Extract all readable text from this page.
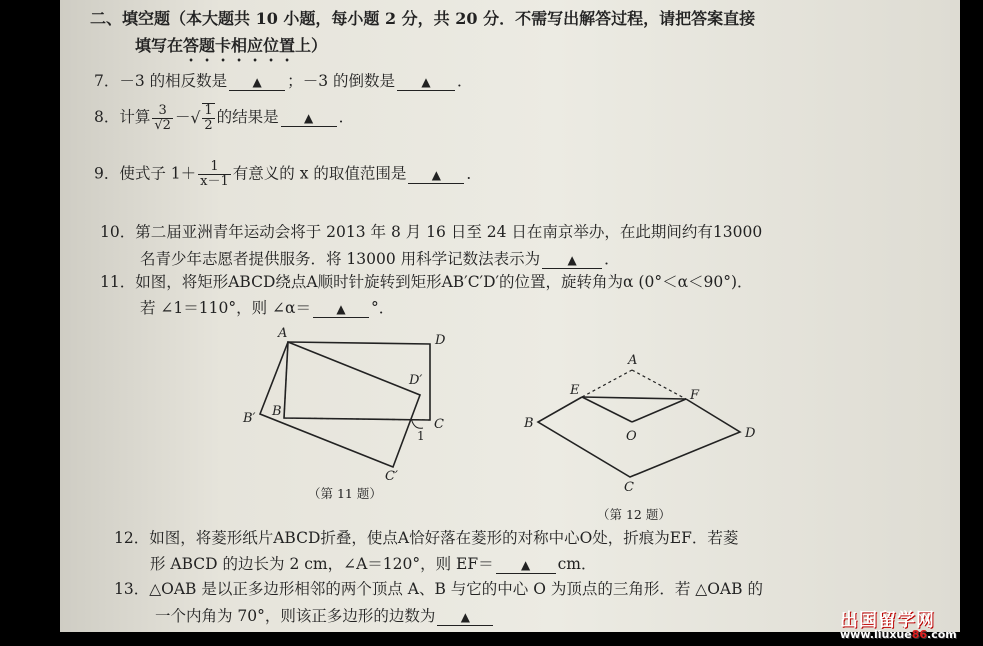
二、填空题（本大题共 10 小题，每小题 2 分，共 20 分．不需写出解答过程，请把答案直接
填写在答题卡相应位置上）
7．－3 的相反数是 ▲ ；－3 的倒数是 ▲ ．
8．计算 $\frac{3}{√2}$ －√ $\frac{1}{2}$ 的结果是 ▲ ．
9．使式子 $1+ \frac{1}{x-1}$ 有意义的 x 的取值范围是 ▲ ．
10．第二届亚洲青年运动会将于 2013 年 8 月 16 日至 24 日在南京举办，在此期间约有13000
名青少年志愿者提供服务．将 13000 用科学记数法表示为 ▲ ．
11．如图，将矩形ABCD绕点A顺时针旋转到矩形AB′C′D′的位置，旋转角为α (0°＜α＜90°)．
若 ∠1＝110°，则 ∠α＝ ▲ °．
A	D
D′
B
B′	C
1
C′
（第 11 题）
A
E	F
B
O	D
C
（第 12 题）
12．如图，将菱形纸片ABCD折叠，使点A恰好落在菱形的对称中心O处，折痕为EF．若菱
形 ABCD 的边长为 2 cm，∠A＝120°，则 EF＝ ▲ cm．
13．△OAB 是以正多边形相邻的两个顶点 A、B 与它的中心 O 为顶点的三角形．若 △OAB 的
一个内角为 70°，则该正多边形的边数为 ▲	出国留学网
www.liuxue86.com
